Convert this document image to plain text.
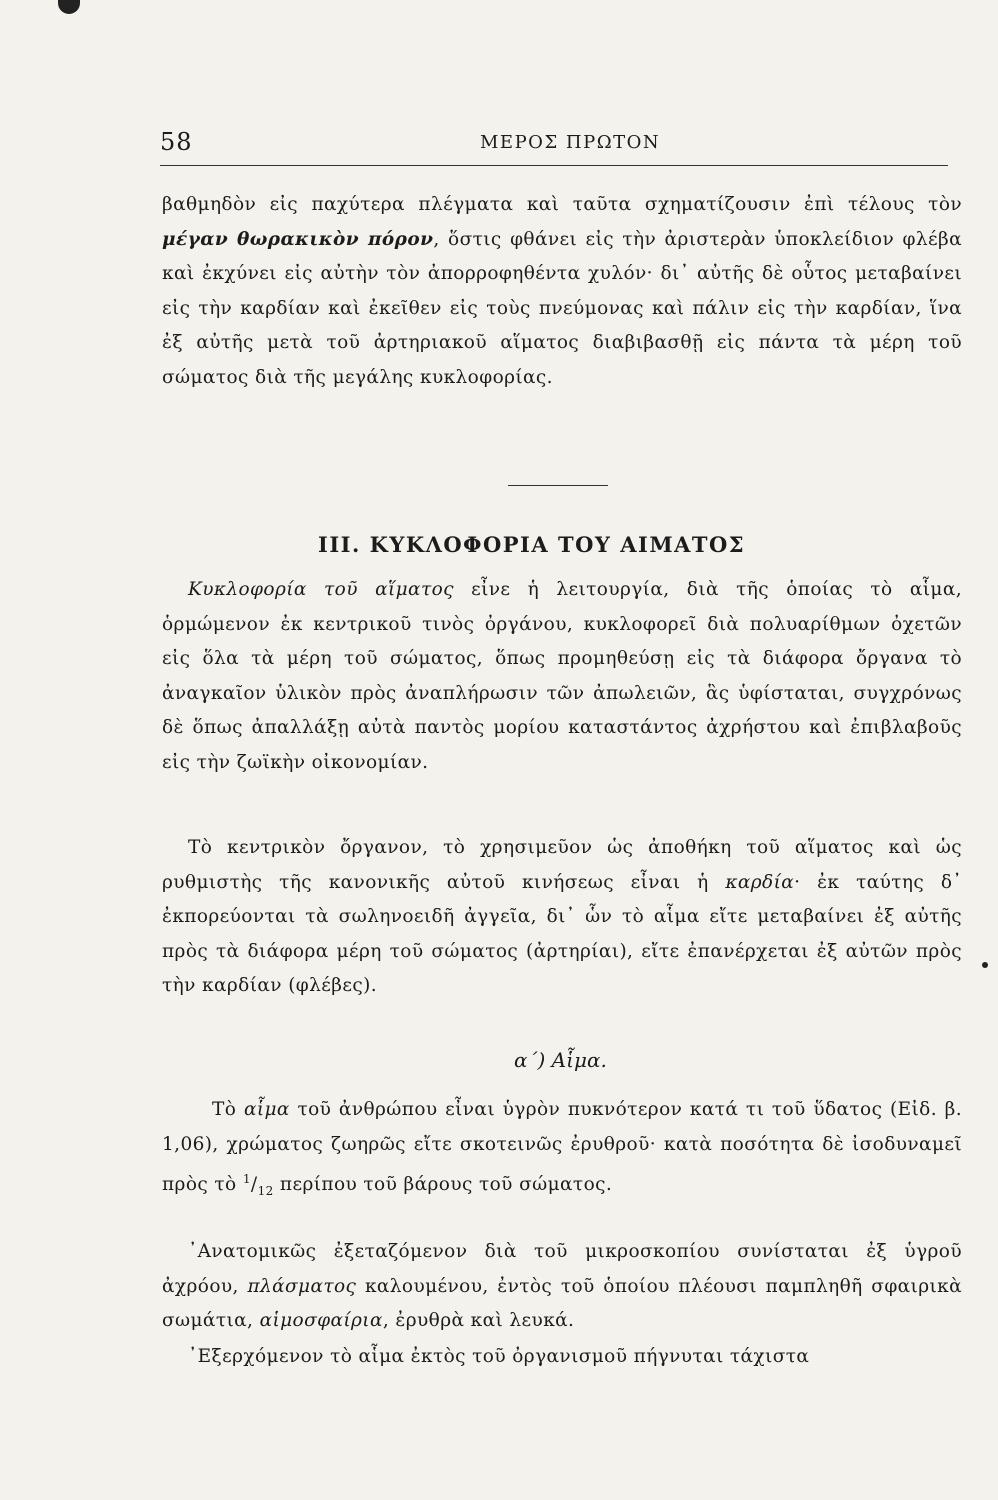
58	ΜΕΡΟΣ ΠΡΩΤΟΝ

βαθμηδὸν εἰς παχύτερα πλέγματα καὶ ταῦτα σχηματίζουσιν ἐπὶ τέλους τὸν μέγαν θωρακικὸν πόρον, ὅστις φθάνει εἰς τὴν ἀριστερὰν ὑποκλείδιον φλέβα καὶ ἐκχύνει εἰς αὐτὴν τὸν ἀπορροφηθέντα χυλόν· δι᾽ αὐτῆς δὲ οὗτος μεταβαίνει εἰς τὴν καρδίαν καὶ ἐκεῖθεν εἰς τοὺς πνεύμονας καὶ πάλιν εἰς τὴν καρδίαν, ἵνα ἐξ αὐτῆς μετὰ τοῦ ἀρτηριακοῦ αἵματος διαβιβασθῇ εἰς πάντα τὰ μέρη τοῦ σώματος διὰ τῆς μεγάλης κυκλοφορίας.

ΙΙΙ. ΚΥΚΛΟΦΟΡΙΑ ΤΟΥ ΑΙΜΑΤΟΣ

Κυκλοφορία τοῦ αἵματος εἶνε ἡ λειτουργία, διὰ τῆς ὁποίας τὸ αἷμα, ὁρμώμενον ἐκ κεντρικοῦ τινὸς ὀργάνου, κυκλοφορεῖ διὰ πολυαρίθμων ὀχετῶν εἰς ὅλα τὰ μέρη τοῦ σώματος, ὅπως προμηθεύσῃ εἰς τὰ διάφορα ὄργανα τὸ ἀναγκαῖον ὑλικὸν πρὸς ἀναπλήρωσιν τῶν ἀπωλειῶν, ἃς ὑφίσταται, συγχρόνως δὲ ὅπως ἀπαλλάξῃ αὐτὰ παντὸς μορίου καταστάντος ἀχρήστου καὶ ἐπιβλαβοῦς εἰς τὴν ζωϊκὴν οἰκονομίαν.

Τὸ κεντρικὸν ὄργανον, τὸ χρησιμεῦον ὡς ἀποθήκη τοῦ αἵματος καὶ ὡς ρυθμιστὴς τῆς κανονικῆς αὐτοῦ κινήσεως εἶναι ἡ καρδία· ἐκ ταύτης δ᾽ ἐκπορεύονται τὰ σωληνοειδῆ ἀγγεῖα, δι᾽ ὧν τὸ αἷμα εἴτε μεταβαίνει ἐξ αὐτῆς πρὸς τὰ διάφορα μέρη τοῦ σώματος (ἀρτηρίαι), εἴτε ἐπανέρχεται ἐξ αὐτῶν πρὸς τὴν καρδίαν (φλέβες).

α´) Αἷμα.

Τὸ αἷμα τοῦ ἀνθρώπου εἶναι ὑγρὸν πυκνότερον κατά τι τοῦ ὕδατος (Εἰδ. β. 1,06), χρώματος ζωηρῶς εἴτε σκοτεινῶς ἐρυθροῦ· κατὰ ποσότητα δὲ ἰσοδυναμεῖ πρὸς τὸ $^1/_{12}$ περίπου τοῦ βάρους τοῦ σώματος.

᾿Ανατομικῶς ἐξεταζόμενον διὰ τοῦ μικροσκοπίου συνίσταται ἐξ ὑγροῦ ἀχρόου, πλάσματος καλουμένου, ἐντὸς τοῦ ὁποίου πλέουσι παμπληθῆ σφαιρικὰ σωμάτια, αἱμοσφαίρια, ἐρυθρὰ καὶ λευκά.

᾿Εξερχόμενον τὸ αἷμα ἐκτὸς τοῦ ὀργανισμοῦ πήγνυται τάχιστα
